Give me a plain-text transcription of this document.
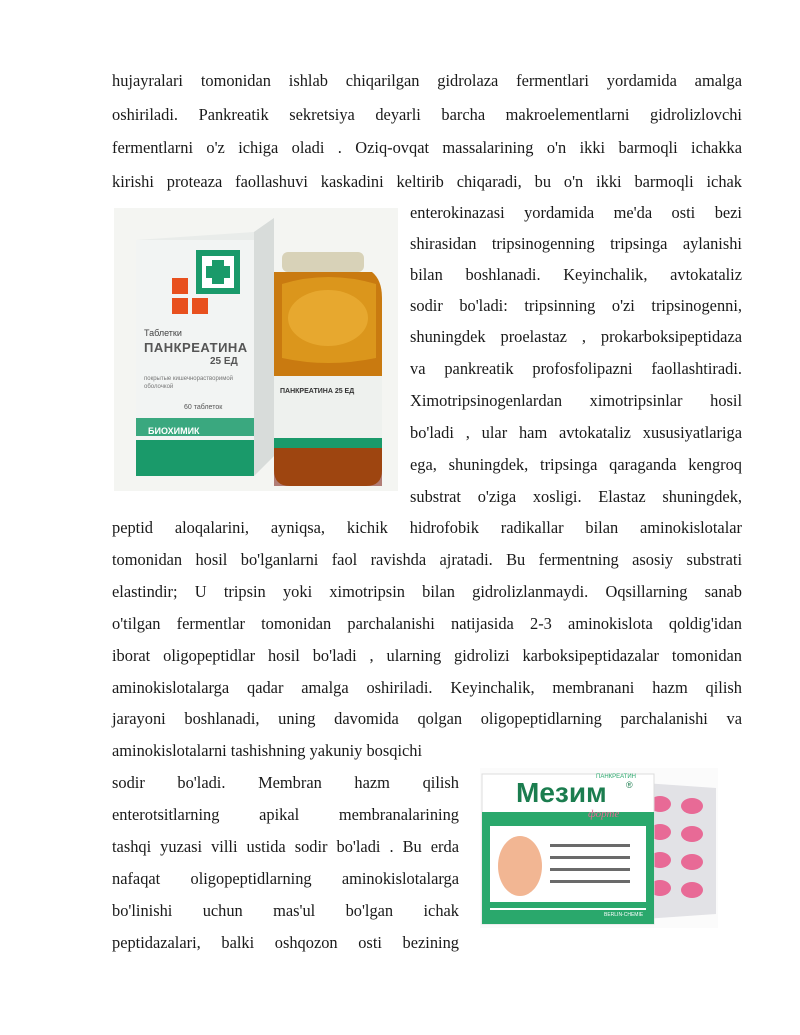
hujayralari tomonidan ishlab chiqarilgan gidrolaza fermentlari yordamida amalga
oshiriladi. Pankreatik sekretsiya deyarli barcha makroelementlarni gidrolizlovchi
fermentlarni o'z ichiga oladi . Oziq-ovqat massalarining o'n ikki barmoqli ichakka
kirishi proteaza faollashuvi kaskadini keltirib chiqaradi, bu o'n ikki barmoqli ichak
enterokinazasi yordamida me'da osti bezi
shirasidan tripsinogenning tripsinga aylanishi
bilan boshlanadi. Keyinchalik, avtokataliz
sodir bo'ladi: tripsinning o'zi tripsinogenni,
shuningdek proelastaz , prokarboksipeptidaza
va pankreatik profosfolipazni faollashtiradi.
Ximotripsinogenlardan ximotripsinlar hosil
bo'ladi , ular ham avtokataliz xususiyatlariga
ega, shuningdek, tripsinga qaraganda kengroq
substrat o'ziga xosligi. Elastaz shuningdek,
peptid aloqalarini, ayniqsa, kichik hidrofobik radikallar bilan aminokislotalar
tomonidan hosil bo'lganlarni faol ravishda ajratadi. Bu fermentning asosiy substrati
elastindir; U tripsin yoki ximotripsin bilan gidrolizlanmaydi. Oqsillarning sanab
o'tilgan fermentlar tomonidan parchalanishi natijasida 2-3 aminokislota qoldig'idan
iborat oligopeptidlar hosil bo'ladi , ularning gidrolizi karboksipeptidazalar tomonidan
aminokislotalarga qadar amalga oshiriladi. Keyinchalik, membranani hazm qilish
jarayoni boshlanadi, uning davomida qolgan oligopeptidlarning parchalanishi va
aminokislotalarni tashishning yakuniy bosqichi
sodir bo'ladi. Membran hazm qilish
enterotsitlarning apikal membranalarining
tashqi yuzasi villi ustida sodir bo'ladi . Bu erda
nafaqat oligopeptidlarning aminokislotalarga
bo'linishi uchun mas'ul bo'lgan ichak
peptidazalari, balki oshqozon osti bezining
Таблетки
ПАНКРЕАТИНА
25 ЕД
покрытые кишечнорастворимой
оболочкой
60 таблеток
БИОХИМИК
ПАНКРЕАТИНА 25 ЕД
ПАНКРЕАТИН
Мезим ®
форте
BERLIN-CHEMIE
